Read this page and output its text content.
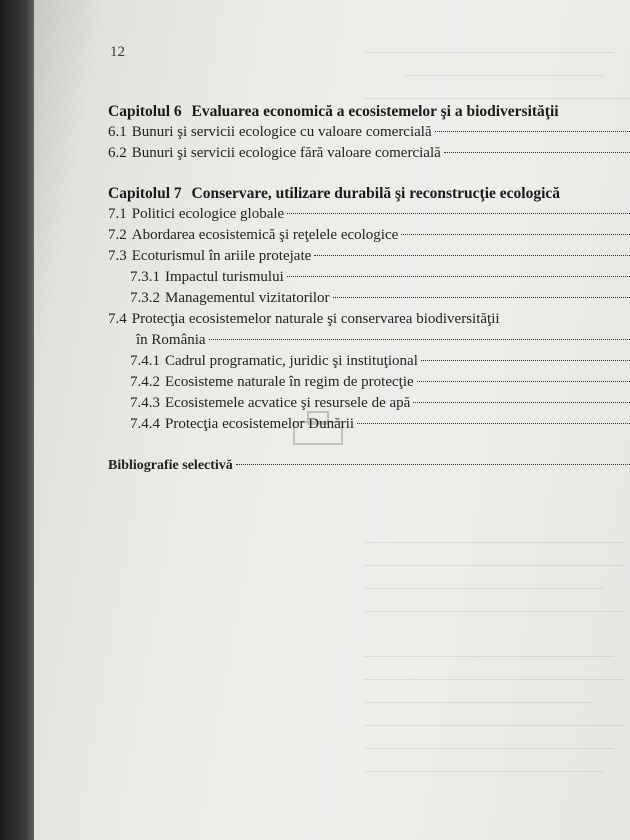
12
Capitolul 6 Evaluarea economică a ecosistemelor şi a biodiversităţii
6.1 Bunuri şi servicii ecologice cu valoare comercială
6.2 Bunuri şi servicii ecologice fără valoare comercială
Capitolul 7 Conservare, utilizare durabilă şi reconstrucţie ecologică
7.1 Politici ecologice globale
7.2 Abordarea ecosistemică şi reţelele ecologice
7.3 Ecoturismul în ariile protejate
7.3.1 Impactul turismului
7.3.2 Managementul vizitatorilor
7.4 Protecţia ecosistemelor naturale şi conservarea biodiversităţii
în România
7.4.1 Cadrul programatic, juridic şi instituţional
7.4.2 Ecosisteme naturale în regim de protecţie
7.4.3 Ecosistemele acvatice şi resursele de apă
7.4.4 Protecţia ecosistemelor Dunării
Bibliografie selectivă
